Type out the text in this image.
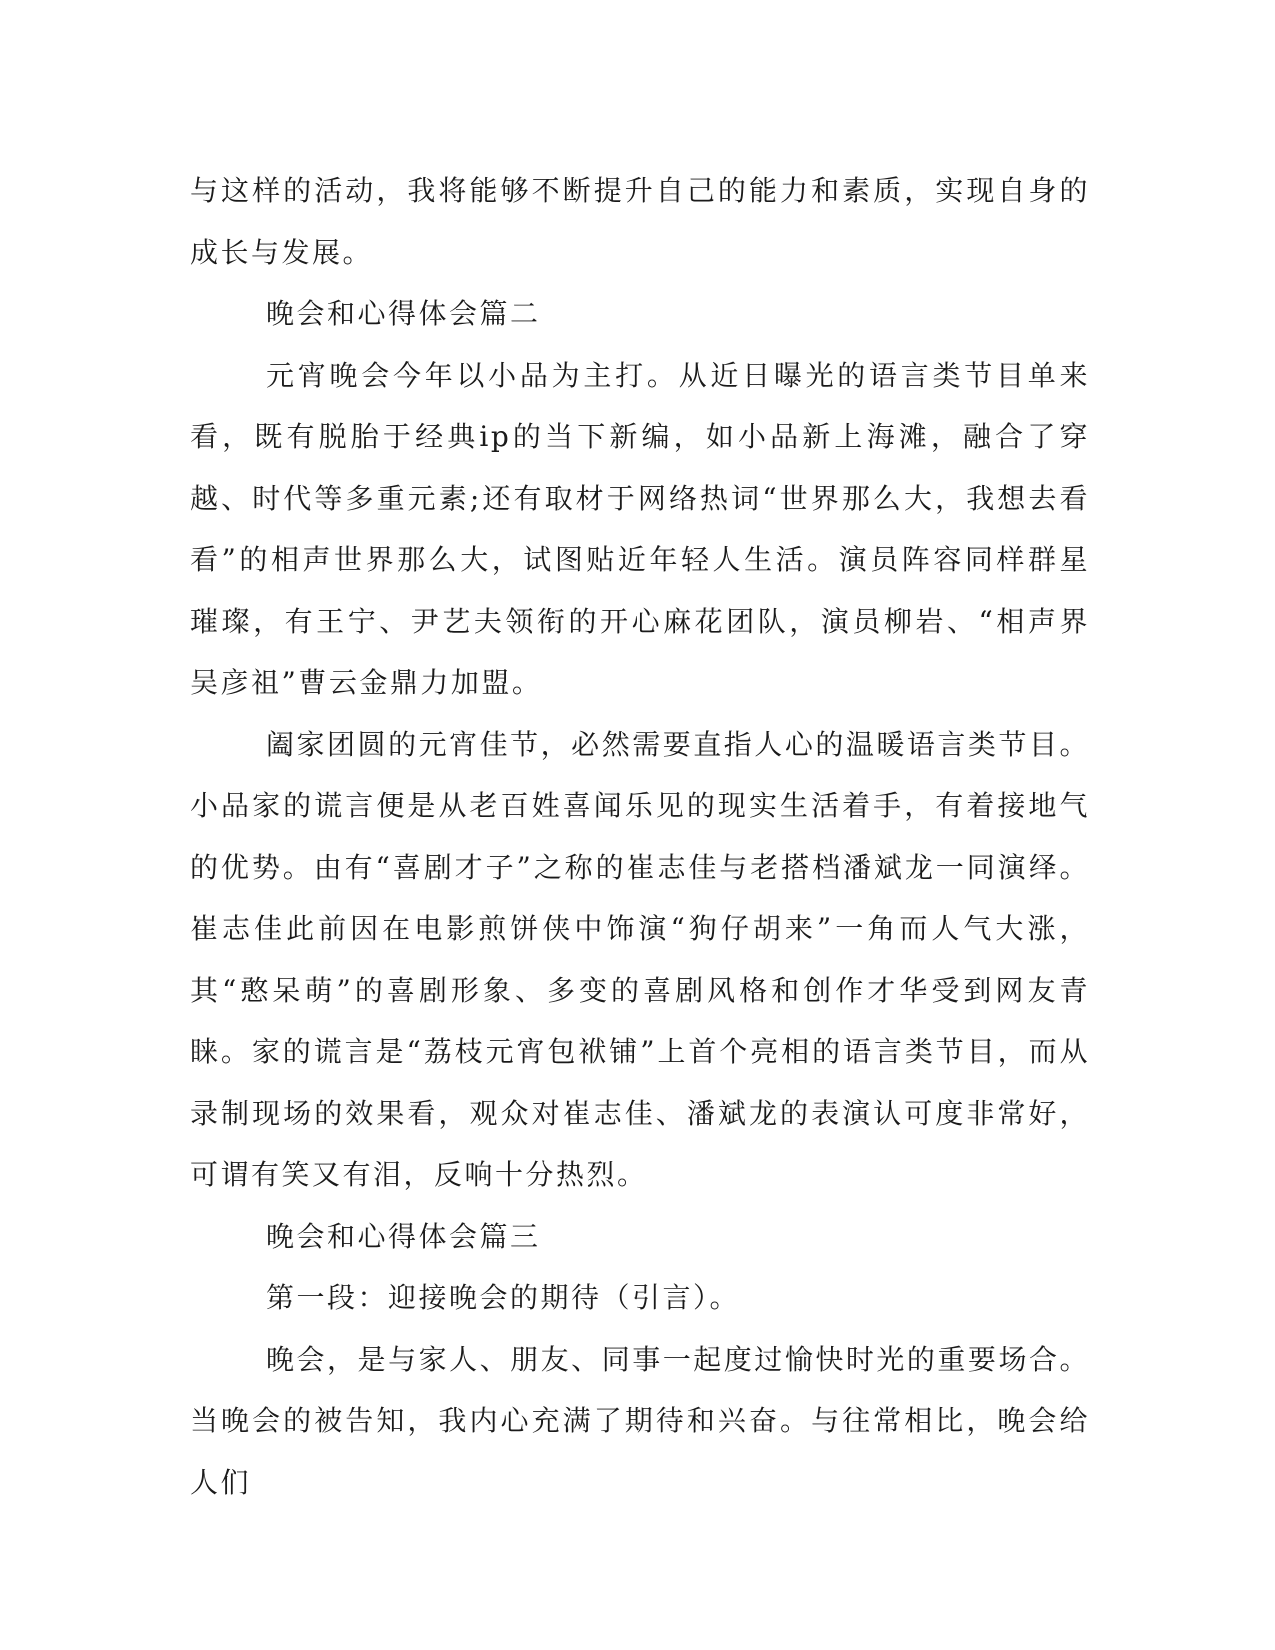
与这样的活动，我将能够不断提升自己的能力和素质，实现自身的成长与发展。

晚会和心得体会篇二

元宵晚会今年以小品为主打。从近日曝光的语言类节目单来看，既有脱胎于经典ip的当下新编，如小品新上海滩，融合了穿越、时代等多重元素;还有取材于网络热词“世界那么大，我想去看看”的相声世界那么大，试图贴近年轻人生活。演员阵容同样群星璀璨，有王宁、尹艺夫领衔的开心麻花团队，演员柳岩、“相声界吴彦祖”曹云金鼎力加盟。

阖家团圆的元宵佳节，必然需要直指人心的温暖语言类节目。小品家的谎言便是从老百姓喜闻乐见的现实生活着手，有着接地气的优势。由有“喜剧才子”之称的崔志佳与老搭档潘斌龙一同演绎。崔志佳此前因在电影煎饼侠中饰演“狗仔胡来”一角而人气大涨，其“憨呆萌”的喜剧形象、多变的喜剧风格和创作才华受到网友青睐。家的谎言是“荔枝元宵包袱铺”上首个亮相的语言类节目，而从录制现场的效果看，观众对崔志佳、潘斌龙的表演认可度非常好，可谓有笑又有泪，反响十分热烈。

晚会和心得体会篇三

第一段：迎接晚会的期待（引言）。

晚会，是与家人、朋友、同事一起度过愉快时光的重要场合。当晚会的被告知，我内心充满了期待和兴奋。与往常相比，晚会给人们
